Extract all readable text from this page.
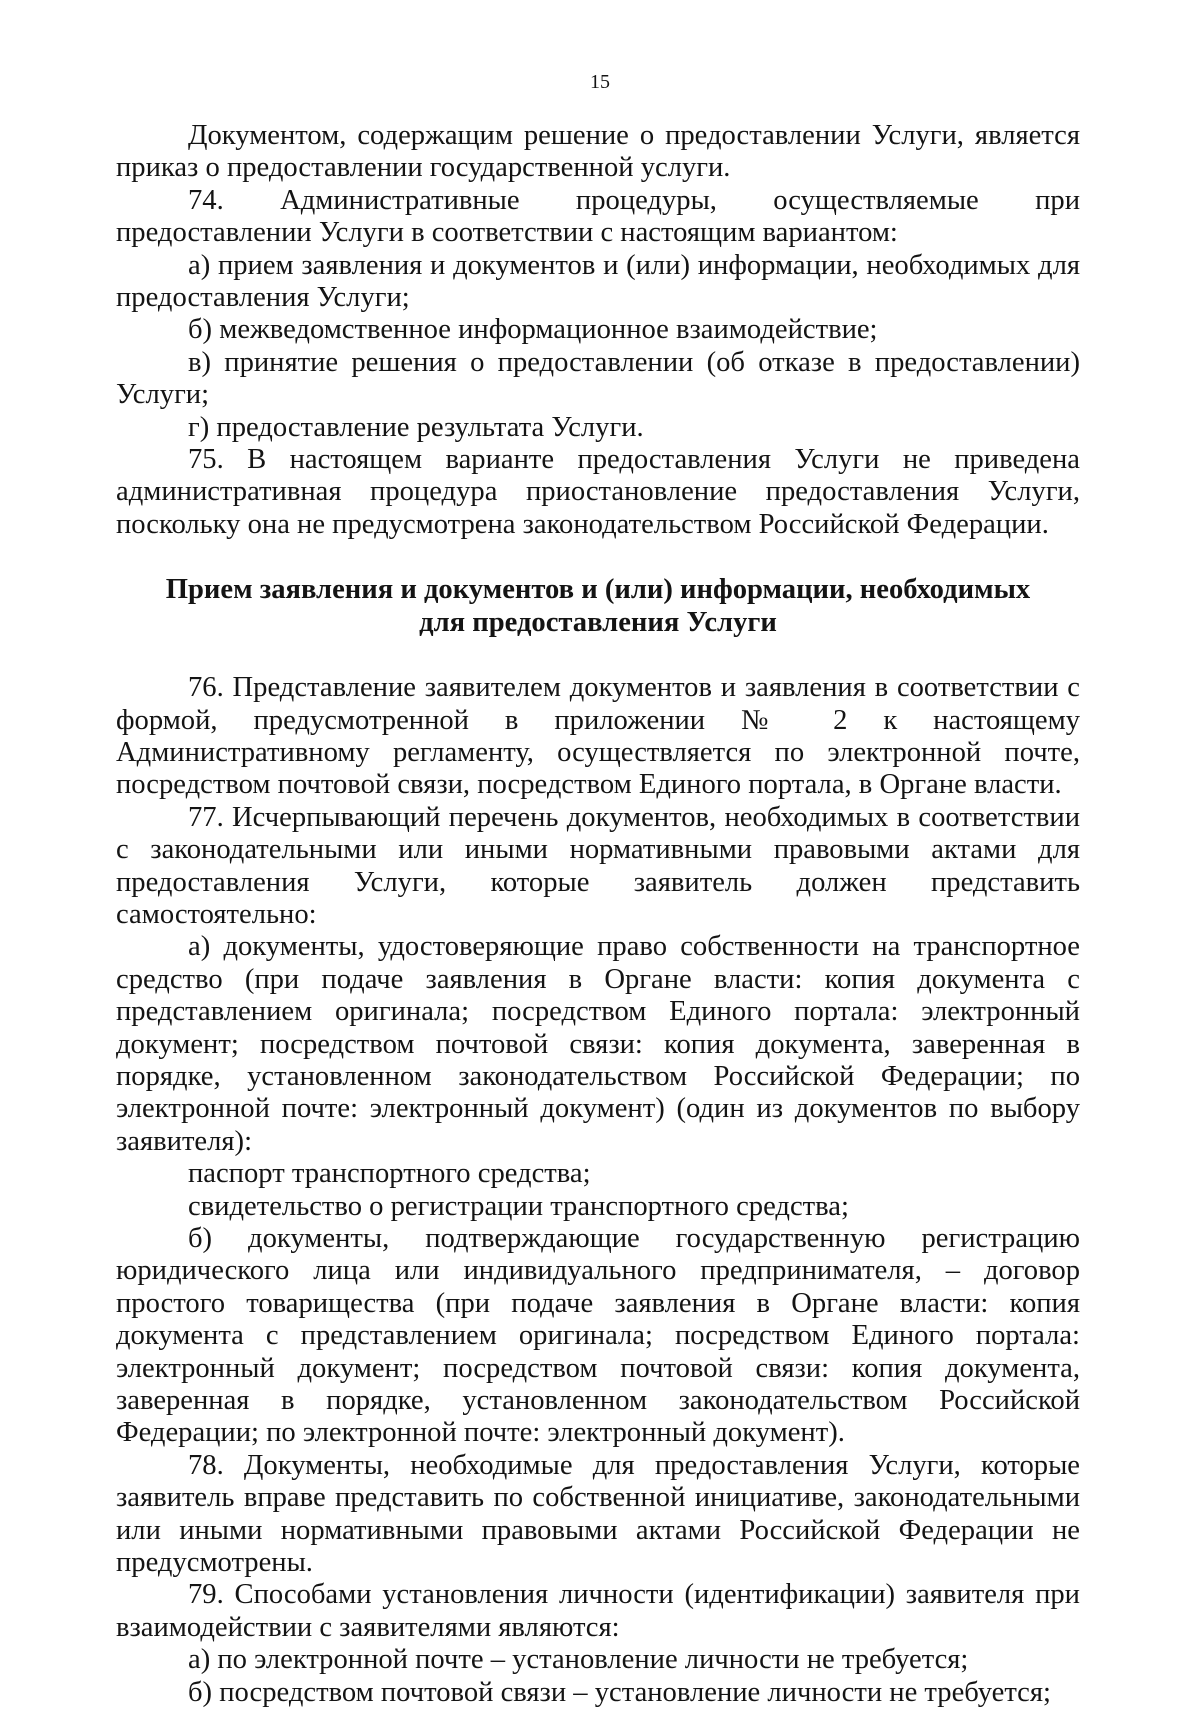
15

Документом, содержащим решение о предоставлении Услуги, является приказ о предоставлении государственной услуги.

74. Административные процедуры, осуществляемые при предоставлении Услуги в соответствии с настоящим вариантом:

а) прием заявления и документов и (или) информации, необходимых для предоставления Услуги;

б) межведомственное информационное взаимодействие;

в) принятие решения о предоставлении (об отказе в предоставлении) Услуги;

г) предоставление результата Услуги.

75. В настоящем варианте предоставления Услуги не приведена административная процедура приостановление предоставления Услуги, поскольку она не предусмотрена законодательством Российской Федерации.

Прием заявления и документов и (или) информации, необходимых для предоставления Услуги

76. Представление заявителем документов и заявления в соответствии с формой, предусмотренной в приложении № 2 к настоящему Административному регламенту, осуществляется по электронной почте, посредством почтовой связи, посредством Единого портала, в Органе власти.

77. Исчерпывающий перечень документов, необходимых в соответствии с законодательными или иными нормативными правовыми актами для предоставления Услуги, которые заявитель должен представить самостоятельно:

а) документы, удостоверяющие право собственности на транспортное средство (при подаче заявления в Органе власти: копия документа с представлением оригинала; посредством Единого портала: электронный документ; посредством почтовой связи: копия документа, заверенная в порядке, установленном законодательством Российской Федерации; по электронной почте: электронный документ) (один из документов по выбору заявителя):

паспорт транспортного средства;

свидетельство о регистрации транспортного средства;

б) документы, подтверждающие государственную регистрацию юридического лица или индивидуального предпринимателя, – договор простого товарищества (при подаче заявления в Органе власти: копия документа с представлением оригинала; посредством Единого портала: электронный документ; посредством почтовой связи: копия документа, заверенная в порядке, установленном законодательством Российской Федерации; по электронной почте: электронный документ).

78. Документы, необходимые для предоставления Услуги, которые заявитель вправе представить по собственной инициативе, законодательными или иными нормативными правовыми актами Российской Федерации не предусмотрены.

79. Способами установления личности (идентификации) заявителя при взаимодействии с заявителями являются:

а) по электронной почте – установление личности не требуется;

б) посредством почтовой связи – установление личности не требуется;
